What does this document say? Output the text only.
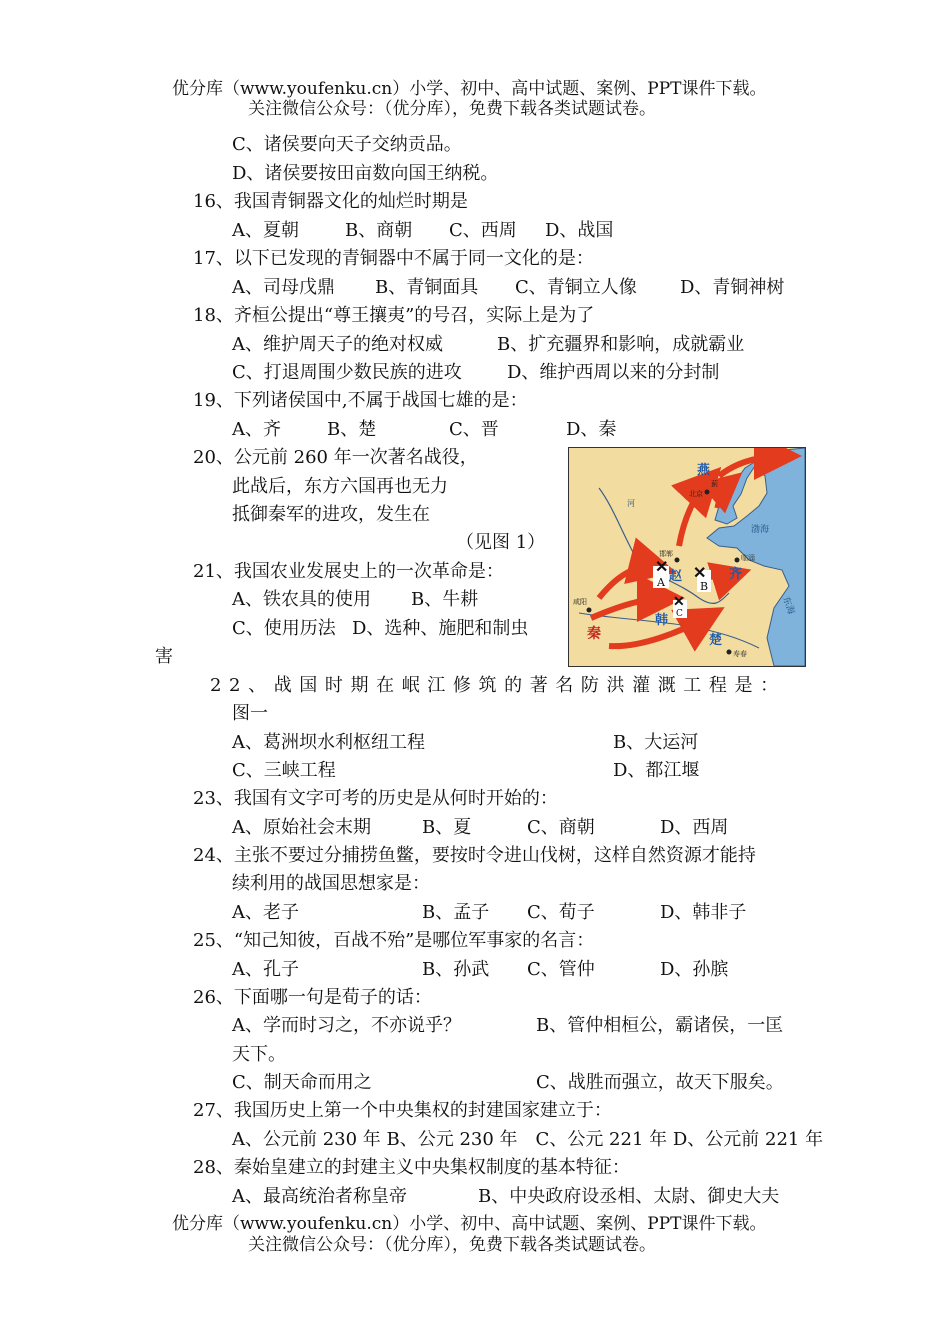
优分库（www.youfenku.cn）小学、初中、高中试题、案例、PPT课件下载。
关注微信公众号：（优分库），免费下载各类试题试卷。
C、诸侯要向天子交纳贡品。
D、诸侯要按田亩数向国王纳税。
16、我国青铜器文化的灿烂时期是
A、夏朝	B、商朝 C、西周 D、战国
17、以下已发现的青铜器中不属于同一文化的是：
A、司母戊鼎 B、青铜面具 C、青铜立人像 D、青铜神树
18、齐桓公提出“尊王攘夷”的号召，实际上是为了
A、维护周天子的绝对权威	B、扩充疆界和影响，成就霸业
C、打退周围少数民族的进攻	D、维护西周以来的分封制
19、下列诸侯国中,不属于战国七雄的是：
A、齐	B、楚	C、晋	D、秦
20、公元前 260 年一次著名战役，
此战后，东方六国再也无力
抵御秦军的进攻，发生在
（见图 1）
21、我国农业发展史上的一次革命是：
A、铁农具的使用 B、牛耕
C、使用历法 D、选种、施肥和制虫
害
✕ ✕
✕
燕
赵	齐
秦
韩
楚
蓟
北京
邯郸	临淄
咸阳
寿春
渤海
东海
河
A	B
C
22、战国时期在岷江修筑的著名防洪灌溉工程是：
图一
A、葛洲坝水利枢纽工程	B、大运河
C、三峡工程	D、都江堰
23、我国有文字可考的历史是从何时开始的：
A、原始社会末期	B、夏	C、商朝	D、西周
24、主张不要过分捕捞鱼鳖，要按时令进山伐树，这样自然资源才能持
续利用的战国思想家是：
A、老子	B、孟子 C、荀子	D、韩非子
25、“知己知彼，百战不殆”是哪位军事家的名言：
A、孔子	B、孙武 C、管仲	D、孙膑
26、下面哪一句是荀子的话：
A、学而时习之，不亦说乎？	B、管仲相桓公，霸诸侯，一匡
天下。
C、制天命而用之	C、战胜而强立，故天下服矣。
27、我国历史上第一个中央集权的封建国家建立于：
A、公元前 230 年 B、公元 230 年　C、公元 221 年 D、公元前 221 年
28、秦始皇建立的封建主义中央集权制度的基本特征：
A、最高统治者称皇帝	B、中央政府设丞相、太尉、御史大夫
优分库（www.youfenku.cn）小学、初中、高中试题、案例、PPT课件下载。
关注微信公众号：（优分库），免费下载各类试题试卷。
